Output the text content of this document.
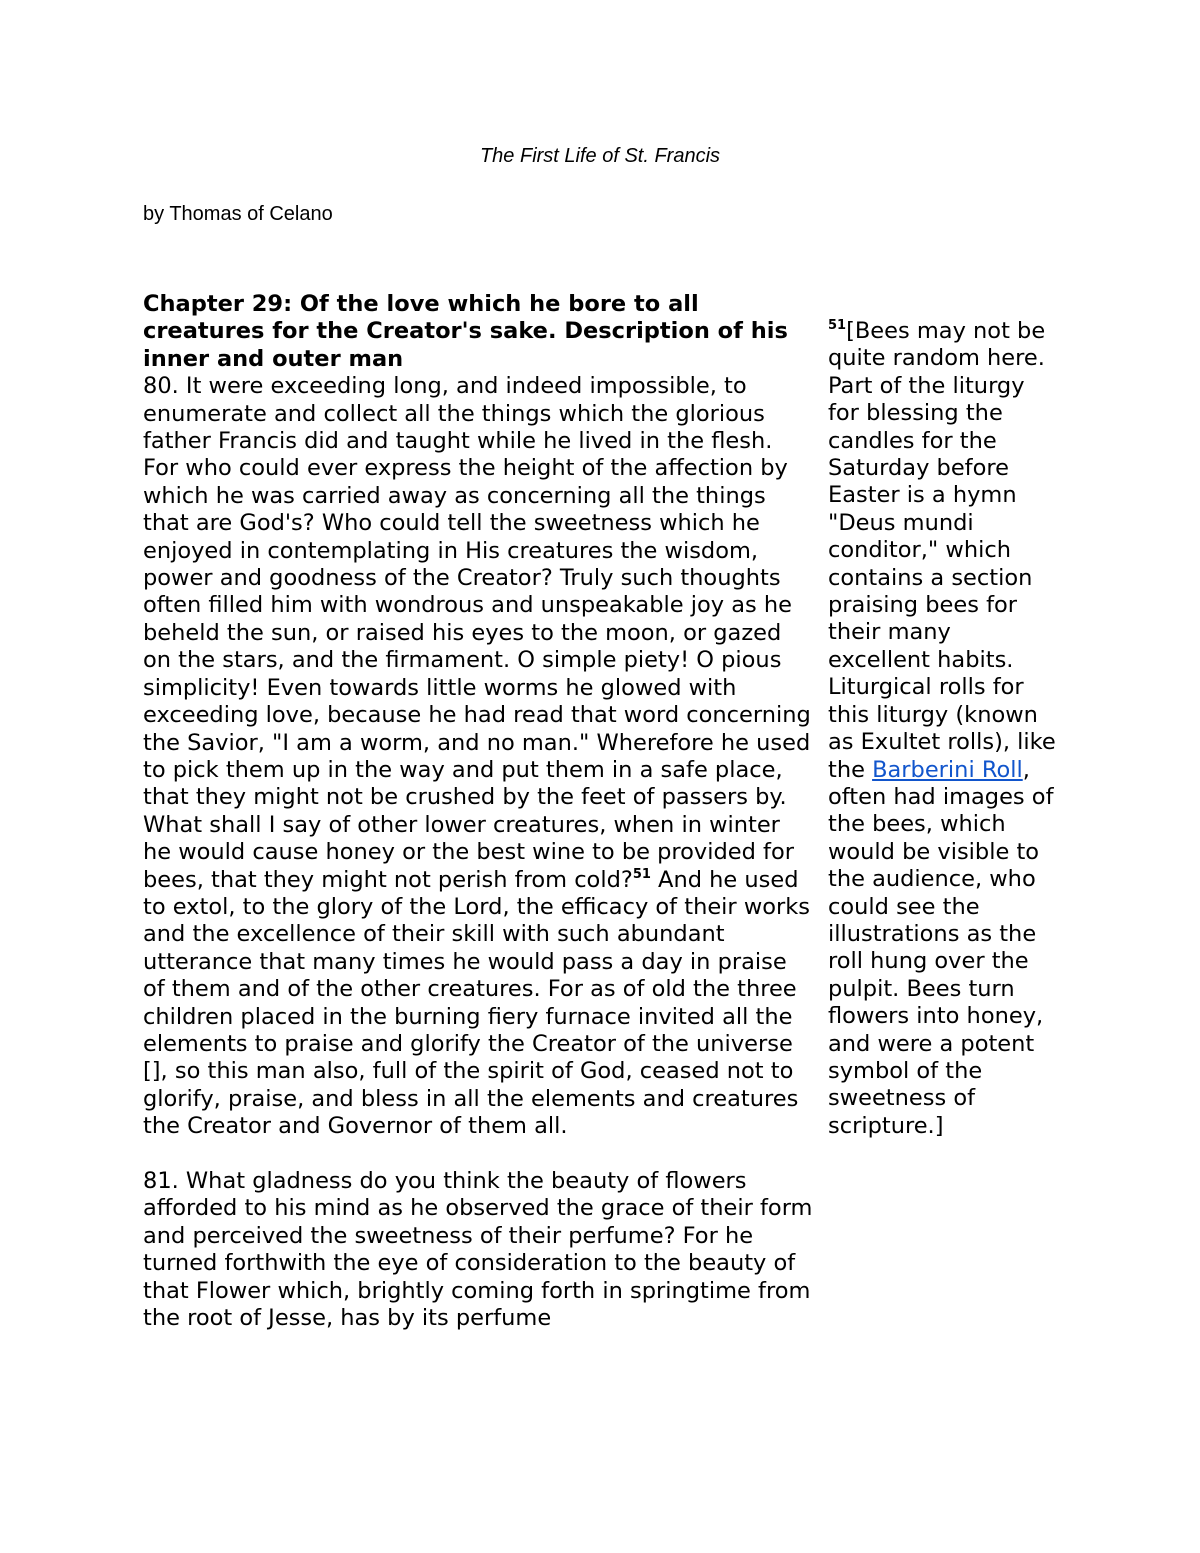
The First Life of St. Francis
by Thomas of Celano
Chapter 29: Of the love which he bore to all creatures for the Creator's sake. Description of his inner and outer man

80. It were exceeding long, and indeed impossible, to enumerate and collect all the things which the glorious father Francis did and taught while he lived in the flesh. For who could ever express the height of the affection by which he was carried away as concerning all the things that are God's? Who could tell the sweetness which he enjoyed in contemplating in His creatures the wisdom, power and goodness of the Creator? Truly such thoughts often filled him with wondrous and unspeakable joy as he beheld the sun, or raised his eyes to the moon, or gazed on the stars, and the firmament. O simple piety! O pious simplicity! Even towards little worms he glowed with exceeding love, because he had read that word concerning the Savior, "I am a worm, and no man." Wherefore he used to pick them up in the way and put them in a safe place, that they might not be crushed by the feet of passers by. What shall I say of other lower creatures, when in winter he would cause honey or the best wine to be provided for bees, that they might not perish from cold?$^{51}$ And he used to extol, to the glory of the Lord, the efficacy of their works and the excellence of their skill with such abundant utterance that many times he would pass a day in praise of them and of the other creatures. For as of old the three children placed in the burning fiery furnace invited all the elements to praise and glorify the Creator of the universe [], so this man also, full of the spirit of God, ceased not to glorify, praise, and bless in all the elements and creatures the Creator and Governor of them all.

81. What gladness do you think the beauty of flowers afforded to his mind as he observed the grace of their form and perceived the sweetness of their perfume? For he turned forthwith the eye of consideration to the beauty of that Flower which, brightly coming forth in springtime from the root of Jesse, has by its perfume

$^{51}$[Bees may not be quite random here. Part of the liturgy for blessing the candles for the Saturday before Easter is a hymn "Deus mundi conditor," which contains a section praising bees for their many excellent habits. Liturgical rolls for this liturgy (known as Exultet rolls), like the Barberini Roll, often had images of the bees, which would be visible to the audience, who could see the illustrations as the roll hung over the pulpit. Bees turn flowers into honey, and were a potent symbol of the sweetness of scripture.]
